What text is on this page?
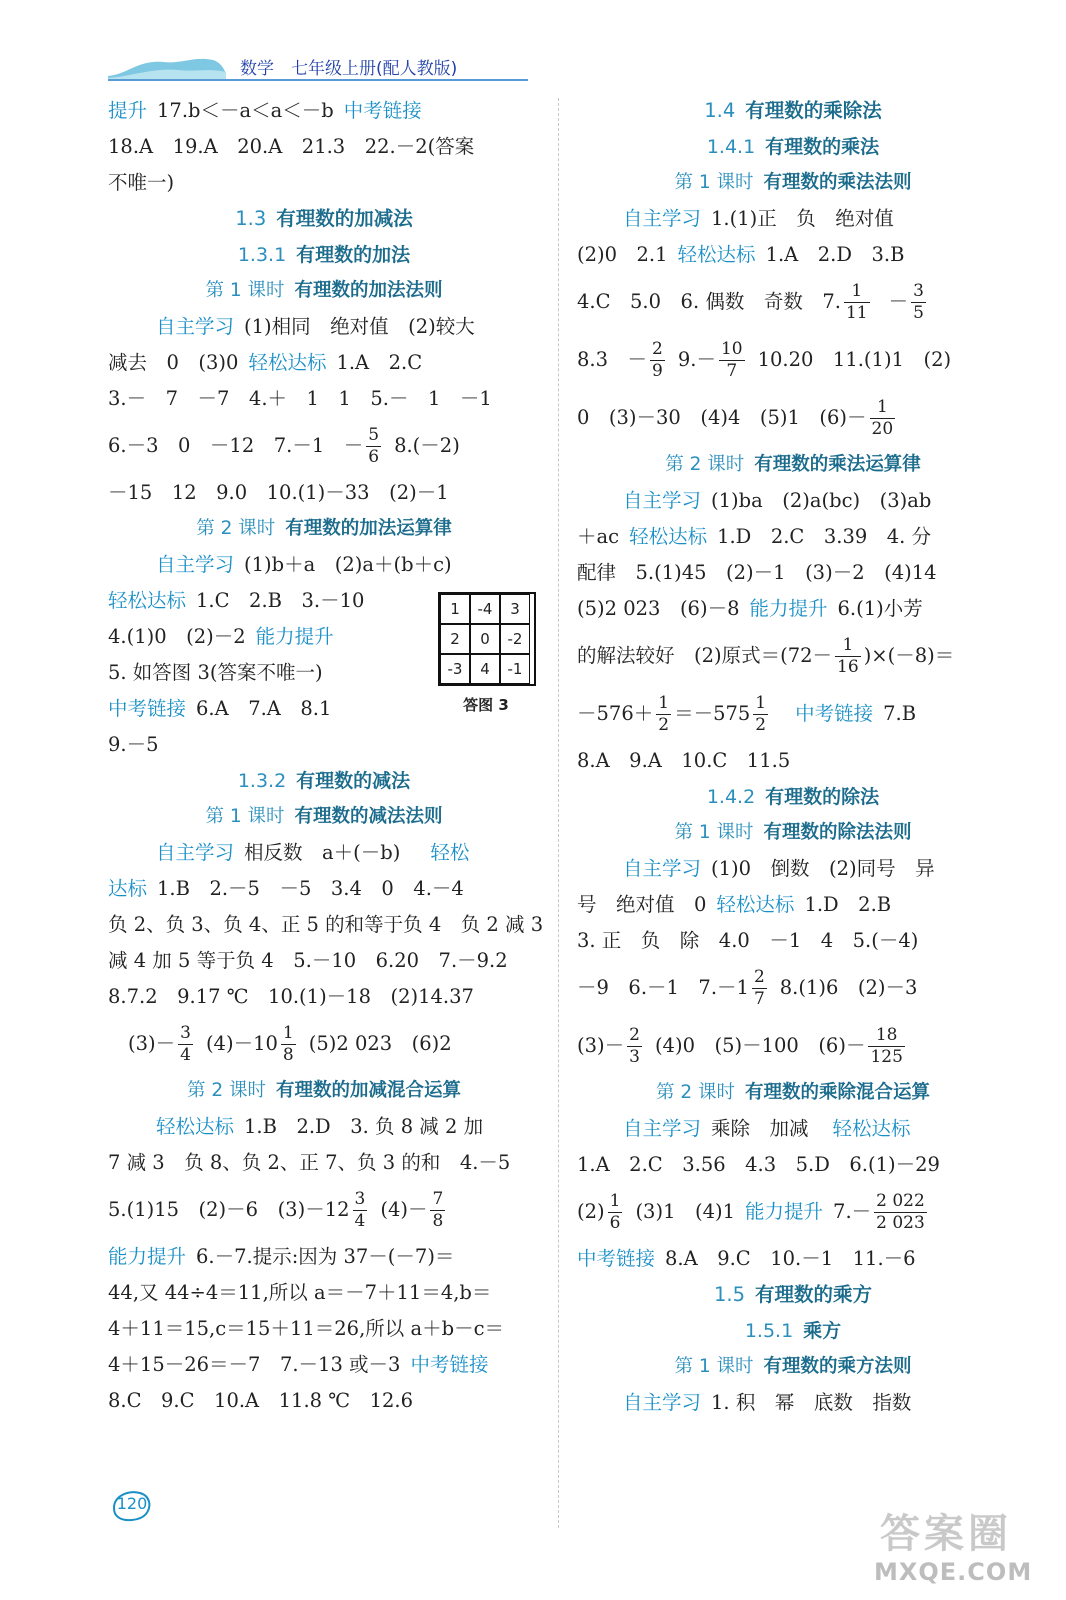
数学　七年级上册(配人教版)
提升 17.b＜－a＜a＜－b 中考链接
18.A　19.A　20.A　21.3　22.－2(答案
不唯一)
1.3 有理数的加减法
1.3.1 有理数的加法
第 1 课时 有理数的加法法则
自主学习 (1)相同　绝对值　(2)较大
减去　0　(3)0 轻松达标 1.A　2.C
3.－　7　－7　4.＋　1　1　5.－　1　－1
6.－3　0　－12　7.－1　－ $\frac{5}{6} 8.(-2)$
－15　12　9.0　10.(1)－33　(2)－1
第 2 课时 有理数的加法运算律
自主学习 (1)b＋a　(2)a＋(b＋c)
轻松达标 1.C　2.B　3.－10
4.(1)0　(2)－2 能力提升
5. 如答图 3(答案不唯一)
中考链接 6.A　7.A　8.1
9.－5
1.3.2 有理数的减法
第 1 课时 有理数的减法法则
自主学习 相反数　a＋(－b) 轻松
达标 1.B　2.－5　－5　3.4　0　4.－4
负 2、负 3、负 4、正 5 的和等于负 4　负 2 减 3
减 4 加 5 等于负 4　5.－10　6.20　7.－9.2
8.7.2　9.17 ℃　10.(1)－18　(2)14.37
$(3)- \frac{3}{4} (4)-10 \frac{1}{8} (5)2$ 023　(6)2
第 2 课时 有理数的加减混合运算
轻松达标 1.B　2.D　3. 负 8 减 2 加
7 减 3　负 8、负 2、正 7、负 3 的和　4.－5
5.(1)15　(2)－6　$(3)-12 \frac{3}{4} (4)- \frac{7}{8}$
能力提升 6.－7.提示:因为 37－(－7)＝
44,又 44÷4＝11,所以 a＝－7＋11＝4,b＝
4＋11＝15,c＝15＋11＝26,所以 a＋b－c＝
4＋15－26＝－7　7.－13 或－3 中考链接
8.C　9.C　10.A　11.8 ℃　12.6
1	-4	3
2	0	-2
-3	4	-1
答图 3
1.4 有理数的乘除法
1.4.1 有理数的乘法
第 1 课时 有理数的乘法法则
自主学习 1.(1)正　负　绝对值
(2)0　2.1 轻松达标 1.A　2.D　3.B
4.C　5.0　6. 偶数　奇数　7. $\frac{1}{11} - \frac{3}{5}$
8.3　－ $\frac{2}{9} 9.- \frac{10}{7} 10.20$　11.(1)1　(2)
0　(3)－30　(4)4　(5)1　$(6)- \frac{1}{20}$
第 2 课时 有理数的乘法运算律
自主学习 (1)ba　(2)a(bc)　(3)ab
＋ac 轻松达标 1.D　2.C　3.39　4. 分
配律　5.(1)45　(2)－1　(3)－2　(4)14
(5)2 023　(6)－8 能力提升 6.(1)小芳
的解法较好　(2)原式$=(72- \frac{1}{16} )\times(-8)=$
$-576+ \frac{1}{2} =-575 \frac{1}{2}$ 中考链接 7.B
8.A　9.A　10.C　11.5
1.4.2 有理数的除法
第 1 课时 有理数的除法法则
自主学习 (1)0　倒数　(2)同号　异
号　绝对值　0 轻松达标 1.D　2.B
3. 正　负　除　4.0　－1　4　5.(－4)
－9　6.－1　$7.-1 \frac{2}{7} 8.(1)6$　(2)－3
$(3)- \frac{2}{3} (4)0$　(5)－100　$(6)- \frac{18}{125}$
第 2 课时 有理数的乘除混合运算
自主学习 乘除　加减 轻松达标
1.A　2.C　3.56　4.3　5.D　6.(1)－29
$(2) \frac{1}{6} (3)1$　(4)1 能力提升 $7.- \frac{2 022}{2 023}$
中考链接 8.A　9.C　10.－1　11.－6
1.5 有理数的乘方
1.5.1 乘方
第 1 课时 有理数的乘方法则
自主学习 1. 积　幂　底数　指数
120
答案圈
MXQE.COM
